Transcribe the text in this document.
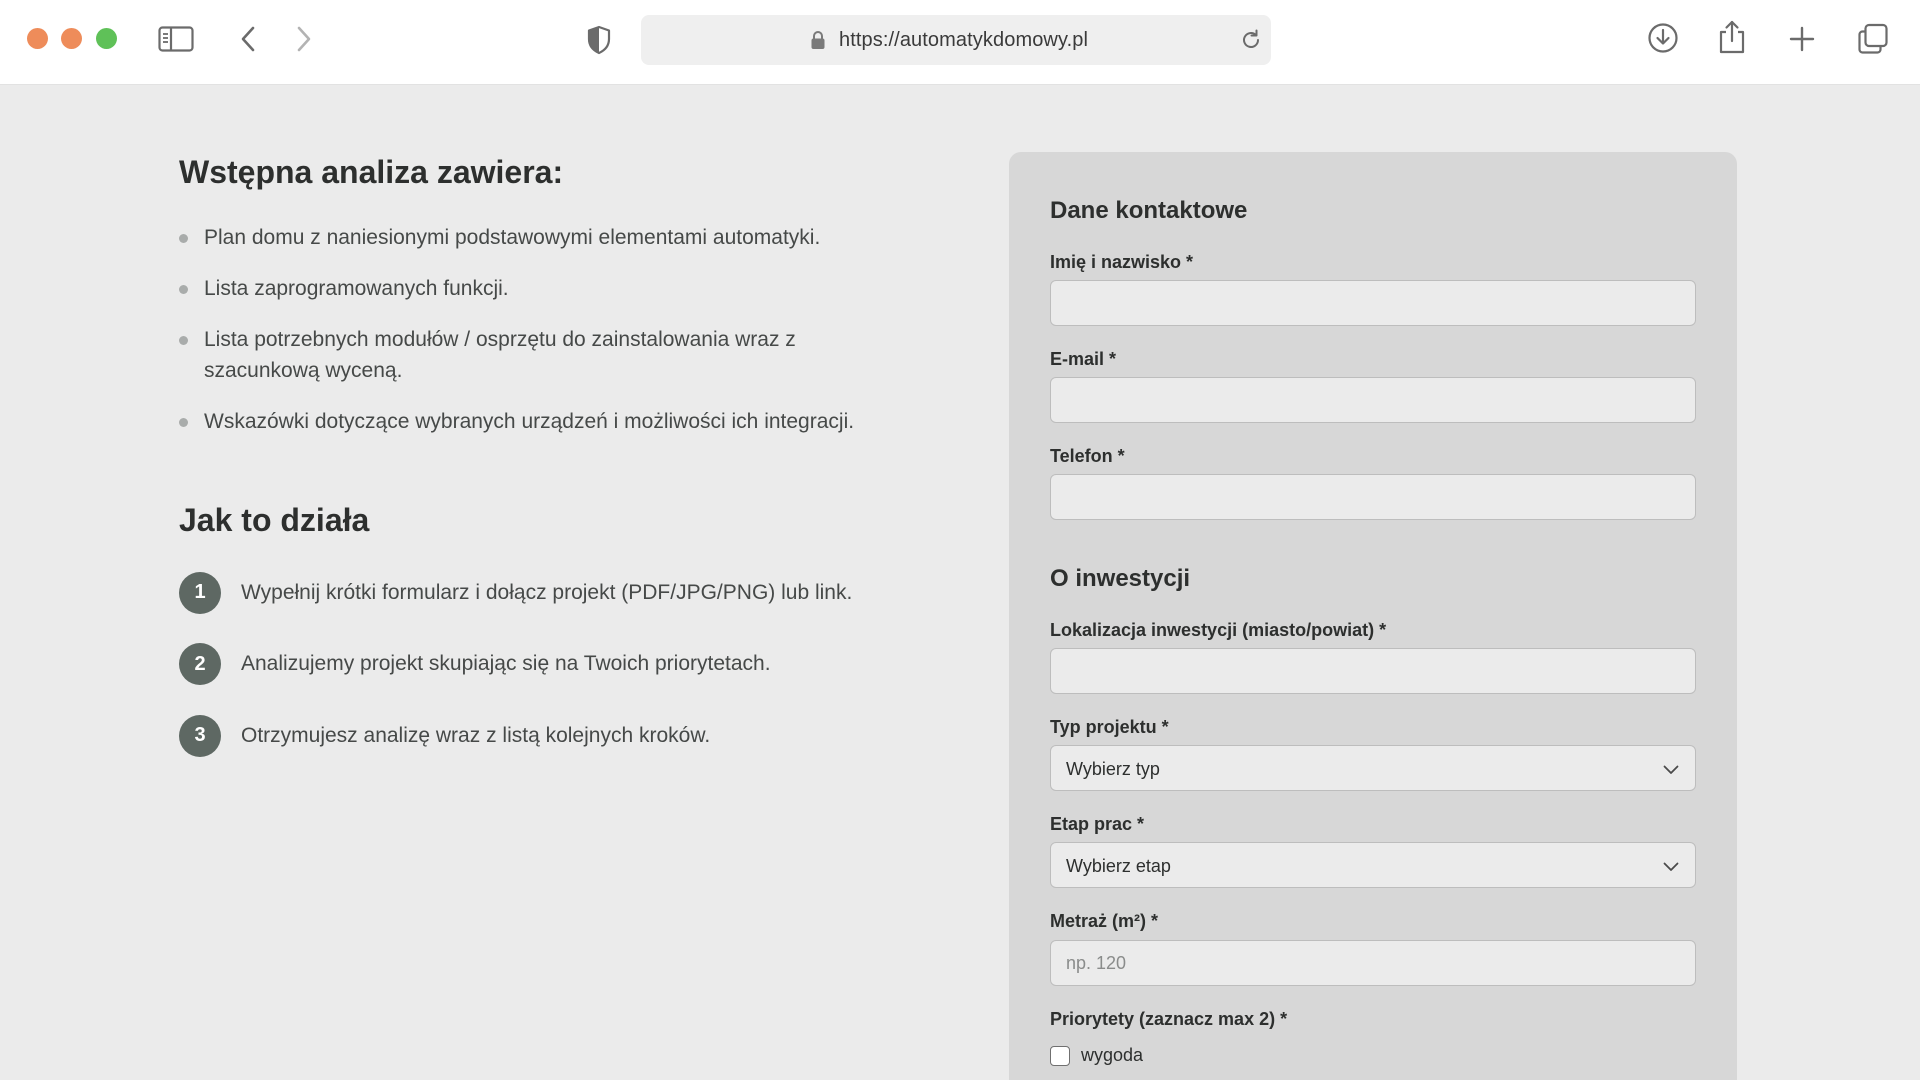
https://automatykdomowy.pl
Wstępna analiza zawiera:
Plan domu z naniesionymi podstawowymi elementami automatyki.
Lista zaprogramowanych funkcji.
Lista potrzebnych modułów / osprzętu do zainstalowania wraz z szacunkową wyceną.
Wskazówki dotyczące wybranych urządzeń i możliwości ich integracji.
Jak to działa
1	Wypełnij krótki formularz i dołącz projekt (PDF/JPG/PNG) lub link.
2	Analizujemy projekt skupiając się na Twoich priorytetach.
3	Otrzymujesz analizę wraz z listą kolejnych kroków.
Dane kontaktowe
Imię i nazwisko *
E-mail *
Telefon *
O inwestycji
Lokalizacja inwestycji (miasto/powiat) *
Typ projektu *
Wybierz typ
Etap prac *
Wybierz etap
Metraż (m²) *
np. 120
Priorytety (zaznacz max 2) *
wygoda
